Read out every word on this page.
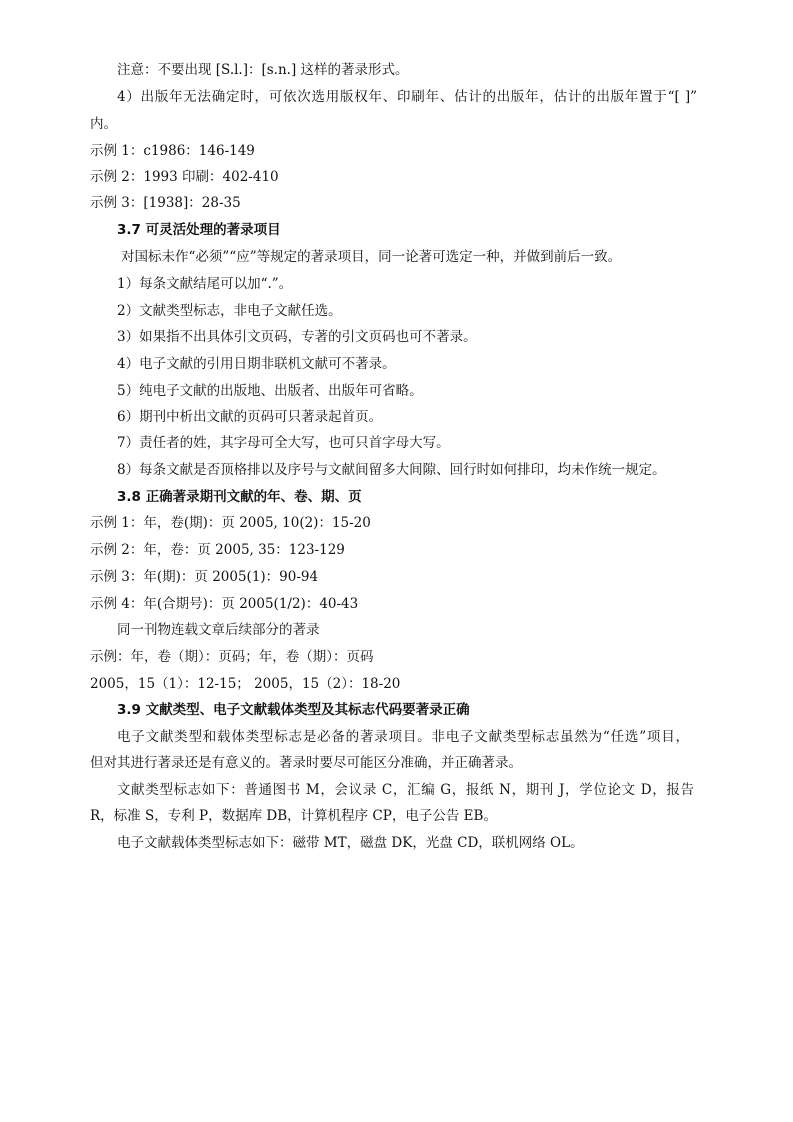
注意：不要出现 [S.l.]：[s.n.] 这样的著录形式。
4）出版年无法确定时，可依次选用版权年、印刷年、估计的出版年，估计的出版年置于“[ ]”
内。
示例 1：c1986：146-149
示例 2：1993 印刷：402-410
示例 3：[1938]：28-35
3.7 可灵活处理的著录项目
对国标未作“必须”“应”等规定的著录项目，同一论著可选定一种，并做到前后一致。
1）每条文献结尾可以加“.”。
2）文献类型标志，非电子文献任选。
3）如果指不出具体引文页码，专著的引文页码也可不著录。
4）电子文献的引用日期非联机文献可不著录。
5）纯电子文献的出版地、出版者、出版年可省略。
6）期刊中析出文献的页码可只著录起首页。
7）责任者的姓，其字母可全大写，也可只首字母大写。
8）每条文献是否顶格排以及序号与文献间留多大间隙、回行时如何排印，均未作统一规定。
3.8 正确著录期刊文献的年、卷、期、页
示例 1：年，卷(期)：页 2005, 10(2)：15-20
示例 2：年，卷：页 2005, 35：123-129
示例 3：年(期)：页 2005(1)：90-94
示例 4：年(合期号)：页 2005(1/2)：40-43
同一刊物连载文章后续部分的著录
示例：年，卷（期）：页码；年，卷（期）：页码
2005，15（1）：12-15； 2005，15（2）：18-20
3.9 文献类型、电子文献载体类型及其标志代码要著录正确
电子文献类型和载体类型标志是必备的著录项目。非电子文献类型标志虽然为“任选”项目，
但对其进行著录还是有意义的。著录时要尽可能区分准确，并正确著录。
文献类型标志如下：普通图书 M，会议录 C，汇编 G，报纸 N，期刊 J，学位论文 D，报告
R，标准 S，专利 P，数据库 DB，计算机程序 CP，电子公告 EB。
电子文献载体类型标志如下：磁带 MT，磁盘 DK，光盘 CD，联机网络 OL。
